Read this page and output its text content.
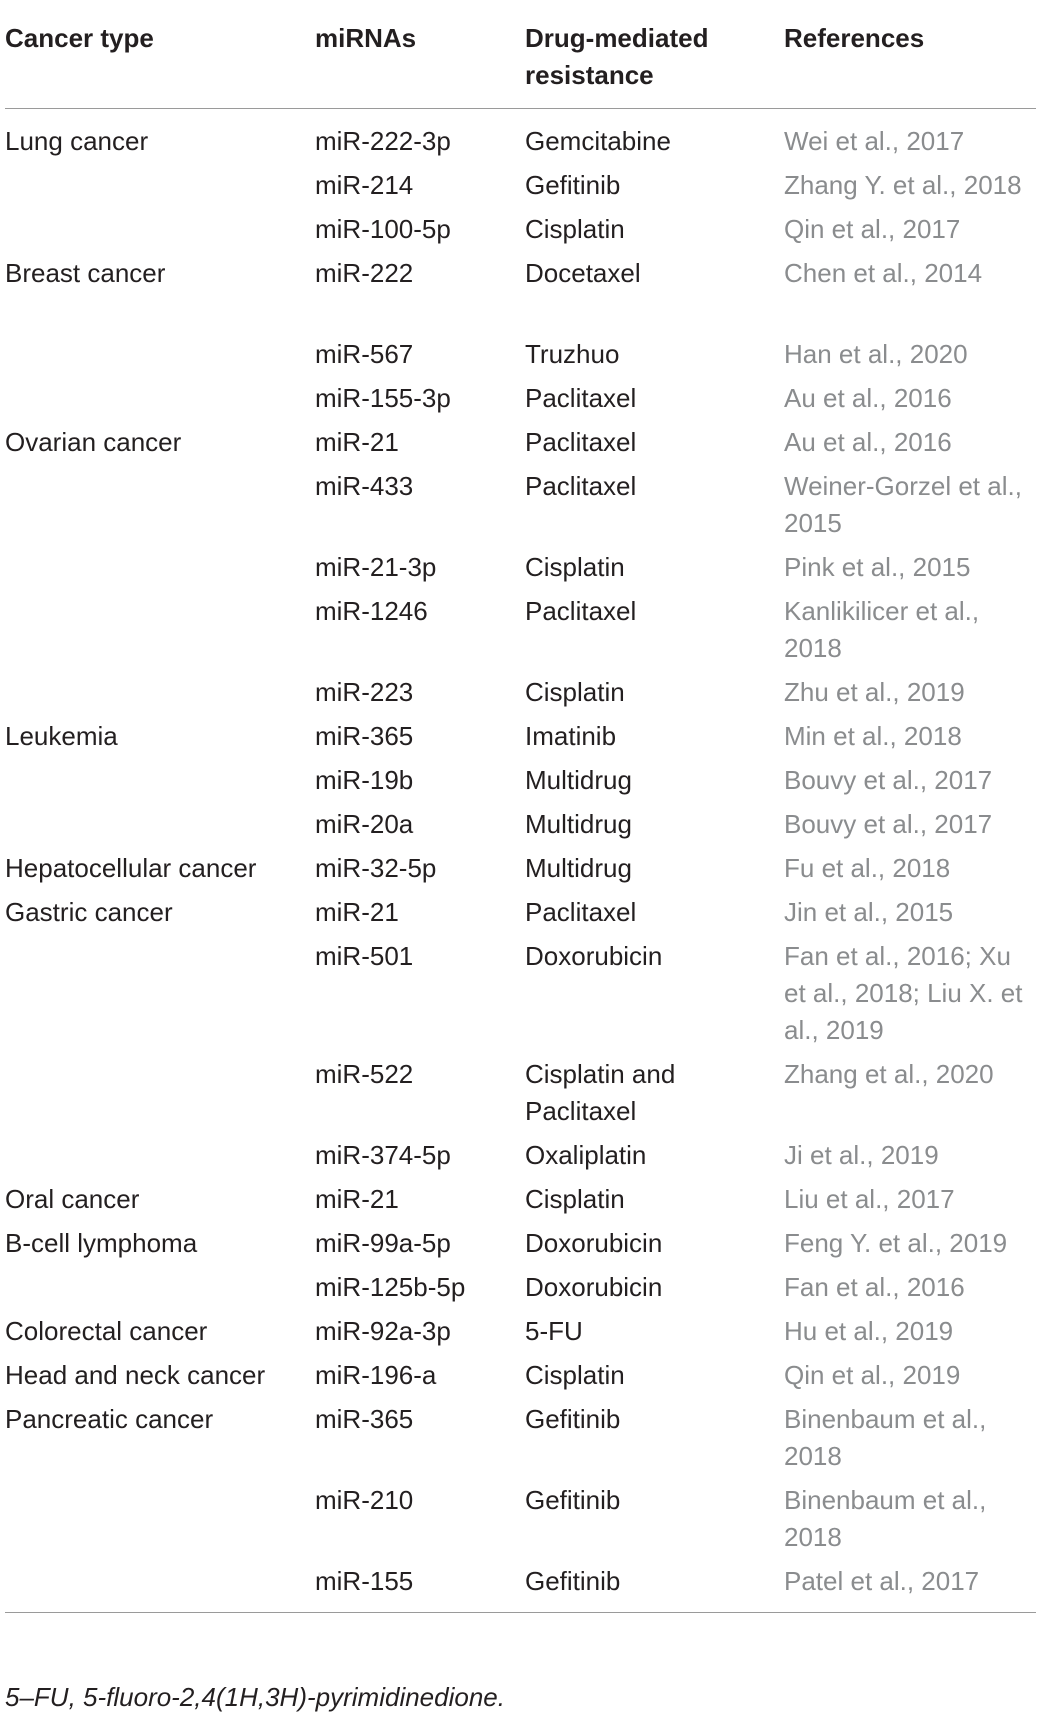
Cancer type	miRNAs	Drug-mediated resistance	References
Lung cancer	miR-222-3p	Gemcitabine	Wei et al., 2017
	miR-214	Gefitinib	Zhang Y. et al., 2018
	miR-100-5p	Cisplatin	Qin et al., 2017
Breast cancer	miR-222	Docetaxel	Chen et al., 2014
	miR-567	Truzhuo	Han et al., 2020
	miR-155-3p	Paclitaxel	Au et al., 2016
Ovarian cancer	miR-21	Paclitaxel	Au et al., 2016
	miR-433	Paclitaxel	Weiner-Gorzel et al., 2015
	miR-21-3p	Cisplatin	Pink et al., 2015
	miR-1246	Paclitaxel	Kanlikilicer et al., 2018
	miR-223	Cisplatin	Zhu et al., 2019
Leukemia	miR-365	Imatinib	Min et al., 2018
	miR-19b	Multidrug	Bouvy et al., 2017
	miR-20a	Multidrug	Bouvy et al., 2017
Hepatocellular cancer	miR-32-5p	Multidrug	Fu et al., 2018
Gastric cancer	miR-21	Paclitaxel	Jin et al., 2015
	miR-501	Doxorubicin	Fan et al., 2016; Xu et al., 2018; Liu X. et al., 2019
	miR-522	Cisplatin and Paclitaxel	Zhang et al., 2020
	miR-374-5p	Oxaliplatin	Ji et al., 2019
Oral cancer	miR-21	Cisplatin	Liu et al., 2017
B-cell lymphoma	miR-99a-5p	Doxorubicin	Feng Y. et al., 2019
	miR-125b-5p	Doxorubicin	Fan et al., 2016
Colorectal cancer	miR-92a-3p	5-FU	Hu et al., 2019
Head and neck cancer	miR-196-a	Cisplatin	Qin et al., 2019
Pancreatic cancer	miR-365	Gefitinib	Binenbaum et al., 2018
	miR-210	Gefitinib	Binenbaum et al., 2018
	miR-155	Gefitinib	Patel et al., 2017

5–FU, 5-fluoro-2,4(1H,3H)-pyrimidinedione.
